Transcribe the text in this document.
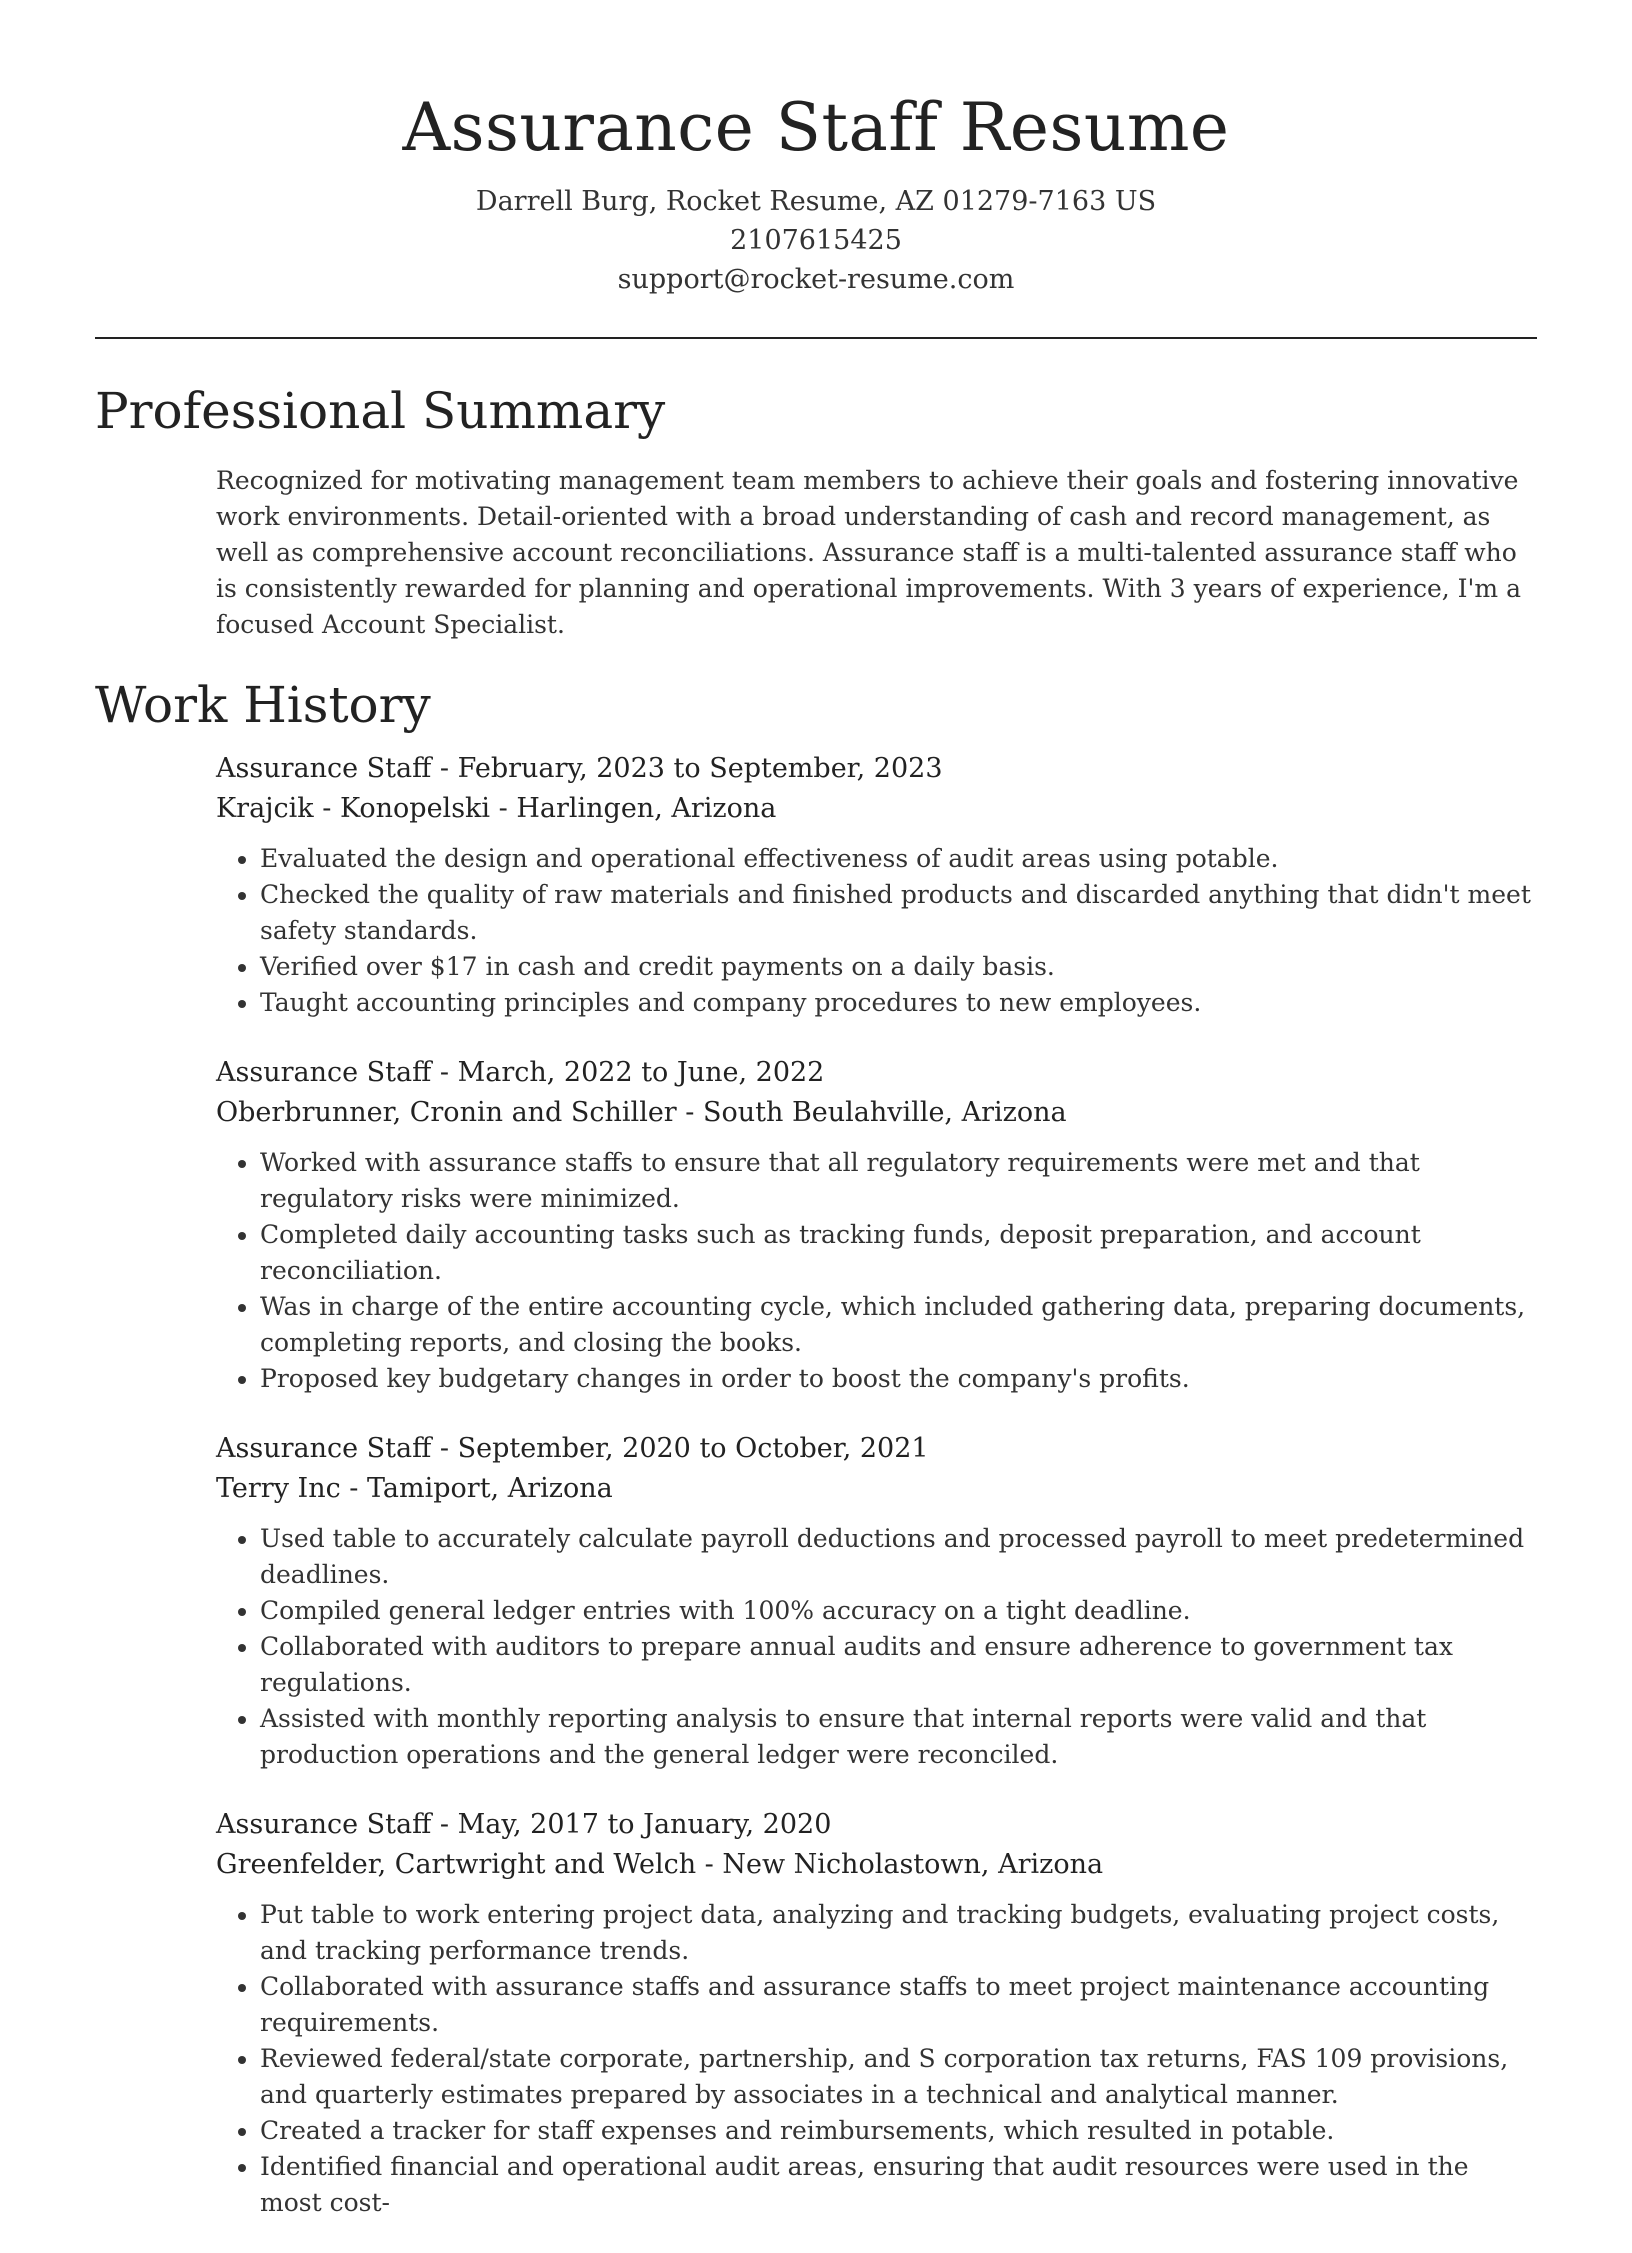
Assurance Staff Resume
Darrell Burg, Rocket Resume, AZ 01279-7163 US
2107615425
support@rocket-resume.com
Professional Summary

Recognized for motivating management team members to achieve their goals and fostering innovative work environments. Detail-oriented with a broad understanding of cash and record management, as well as comprehensive account reconciliations. Assurance staff is a multi-talented assurance staff who is consistently rewarded for planning and operational improvements. With 3 years of experience, I'm a focused Account Specialist.

Work History
Assurance Staff - February, 2023 to September, 2023
Krajcik - Konopelski - Harlingen, Arizona
• Evaluated the design and operational effectiveness of audit areas using potable.
• Checked the quality of raw materials and finished products and discarded anything that didn't meet safety standards.
• Verified over $17 in cash and credit payments on a daily basis.
• Taught accounting principles and company procedures to new employees.
Assurance Staff - March, 2022 to June, 2022
Oberbrunner, Cronin and Schiller - South Beulahville, Arizona
• Worked with assurance staffs to ensure that all regulatory requirements were met and that regulatory risks were minimized.
• Completed daily accounting tasks such as tracking funds, deposit preparation, and account reconciliation.
• Was in charge of the entire accounting cycle, which included gathering data, preparing documents, completing reports, and closing the books.
• Proposed key budgetary changes in order to boost the company's profits.
Assurance Staff - September, 2020 to October, 2021
Terry Inc - Tamiport, Arizona
• Used table to accurately calculate payroll deductions and processed payroll to meet predetermined deadlines.
• Compiled general ledger entries with 100% accuracy on a tight deadline.
• Collaborated with auditors to prepare annual audits and ensure adherence to government tax regulations.
• Assisted with monthly reporting analysis to ensure that internal reports were valid and that production operations and the general ledger were reconciled.
Assurance Staff - May, 2017 to January, 2020
Greenfelder, Cartwright and Welch - New Nicholastown, Arizona
• Put table to work entering project data, analyzing and tracking budgets, evaluating project costs, and tracking performance trends.
• Collaborated with assurance staffs and assurance staffs to meet project maintenance accounting requirements.
• Reviewed federal/state corporate, partnership, and S corporation tax returns, FAS 109 provisions, and quarterly estimates prepared by associates in a technical and analytical manner.
• Created a tracker for staff expenses and reimbursements, which resulted in potable.
• Identified financial and operational audit areas, ensuring that audit resources were used in the most cost-
